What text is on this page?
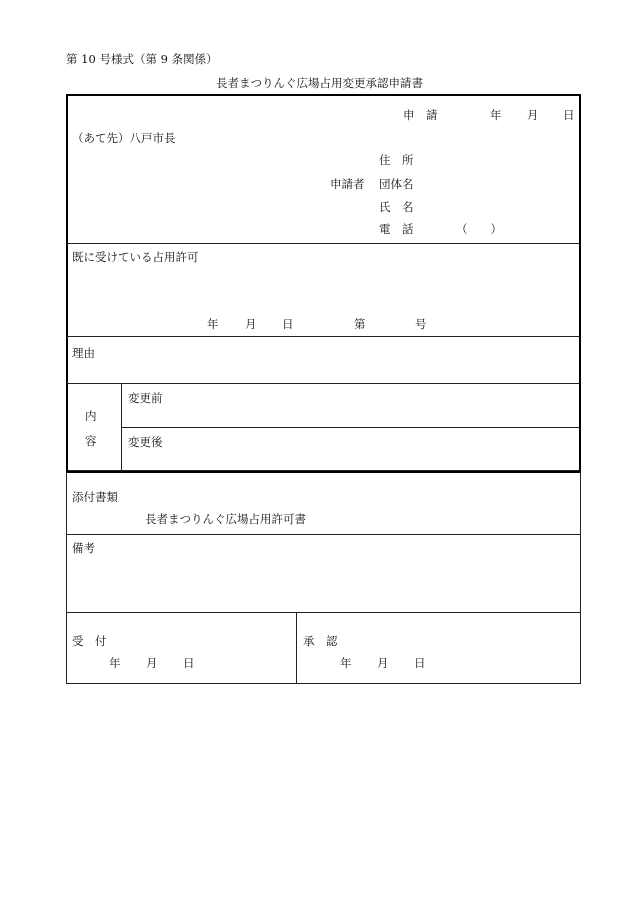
第 10 号様式（第 9 条関係）
長者まつりんぐ広場占用変更承認申請書
申　請	年 月 日
（あて先）八戸市長
住　所
申請者 団体名
氏　名
電　話	（　　）
既に受けている占用許可
年 月 日	第	号
理由
内
容
変更前
変更後
添付書類
長者まつりんぐ広場占用許可書
備考
受　付
年 月 日
承　認
年 月 日
